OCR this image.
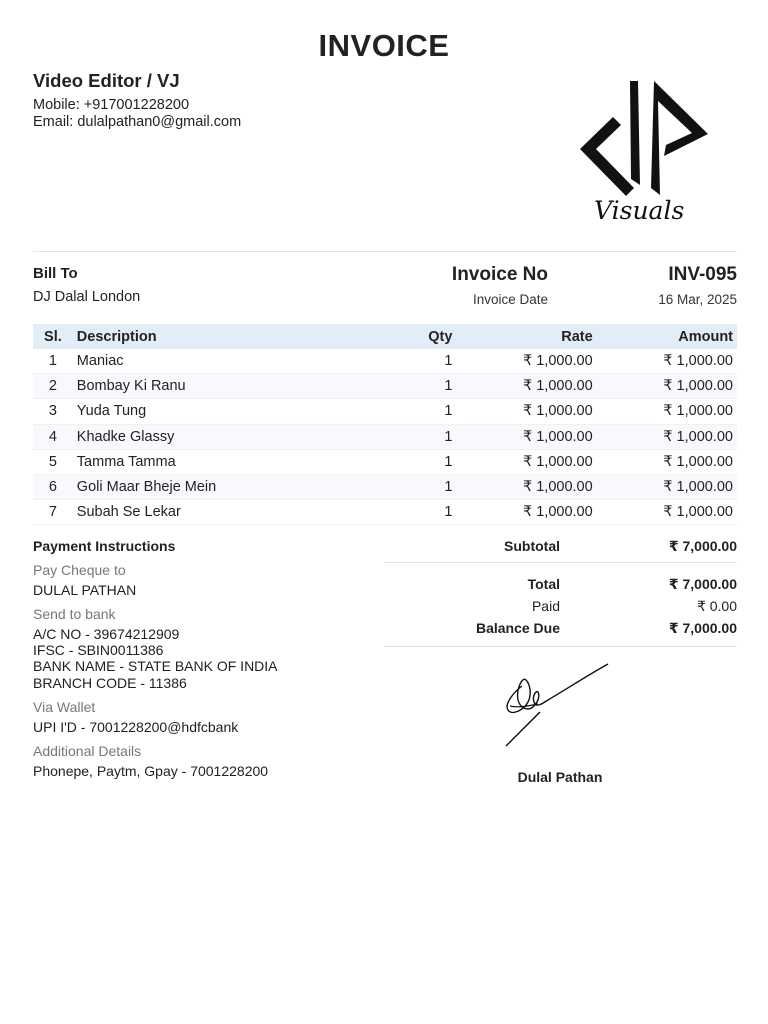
INVOICE
Video Editor / VJ
Mobile: +917001228200
Email: dulalpathan0@gmail.com
Visuals
Bill To
DJ Dalal London
Invoice No	INV-095
Invoice Date	16 Mar, 2025
Sl.	Description	Qty	Rate	Amount
1	Maniac	1	₹ 1,000.00	₹ 1,000.00
2	Bombay Ki Ranu	1	₹ 1,000.00	₹ 1,000.00
3	Yuda Tung	1	₹ 1,000.00	₹ 1,000.00
4	Khadke Glassy	1	₹ 1,000.00	₹ 1,000.00
5	Tamma Tamma	1	₹ 1,000.00	₹ 1,000.00
6	Goli Maar Bheje Mein	1	₹ 1,000.00	₹ 1,000.00
7	Subah Se Lekar	1	₹ 1,000.00	₹ 1,000.00
Payment Instructions
Pay Cheque to
DULAL PATHAN
Send to bank
A/C NO - 39674212909
IFSC - SBIN0011386
BANK NAME - STATE BANK OF INDIA
BRANCH CODE - 11386
Via Wallet
UPI I'D - 7001228200@hdfcbank
Additional Details
Phonepe, Paytm, Gpay - 7001228200
Subtotal	₹ 7,000.00
Total	₹ 7,000.00
Paid	₹ 0.00
Balance Due	₹ 7,000.00
Dulal Pathan
